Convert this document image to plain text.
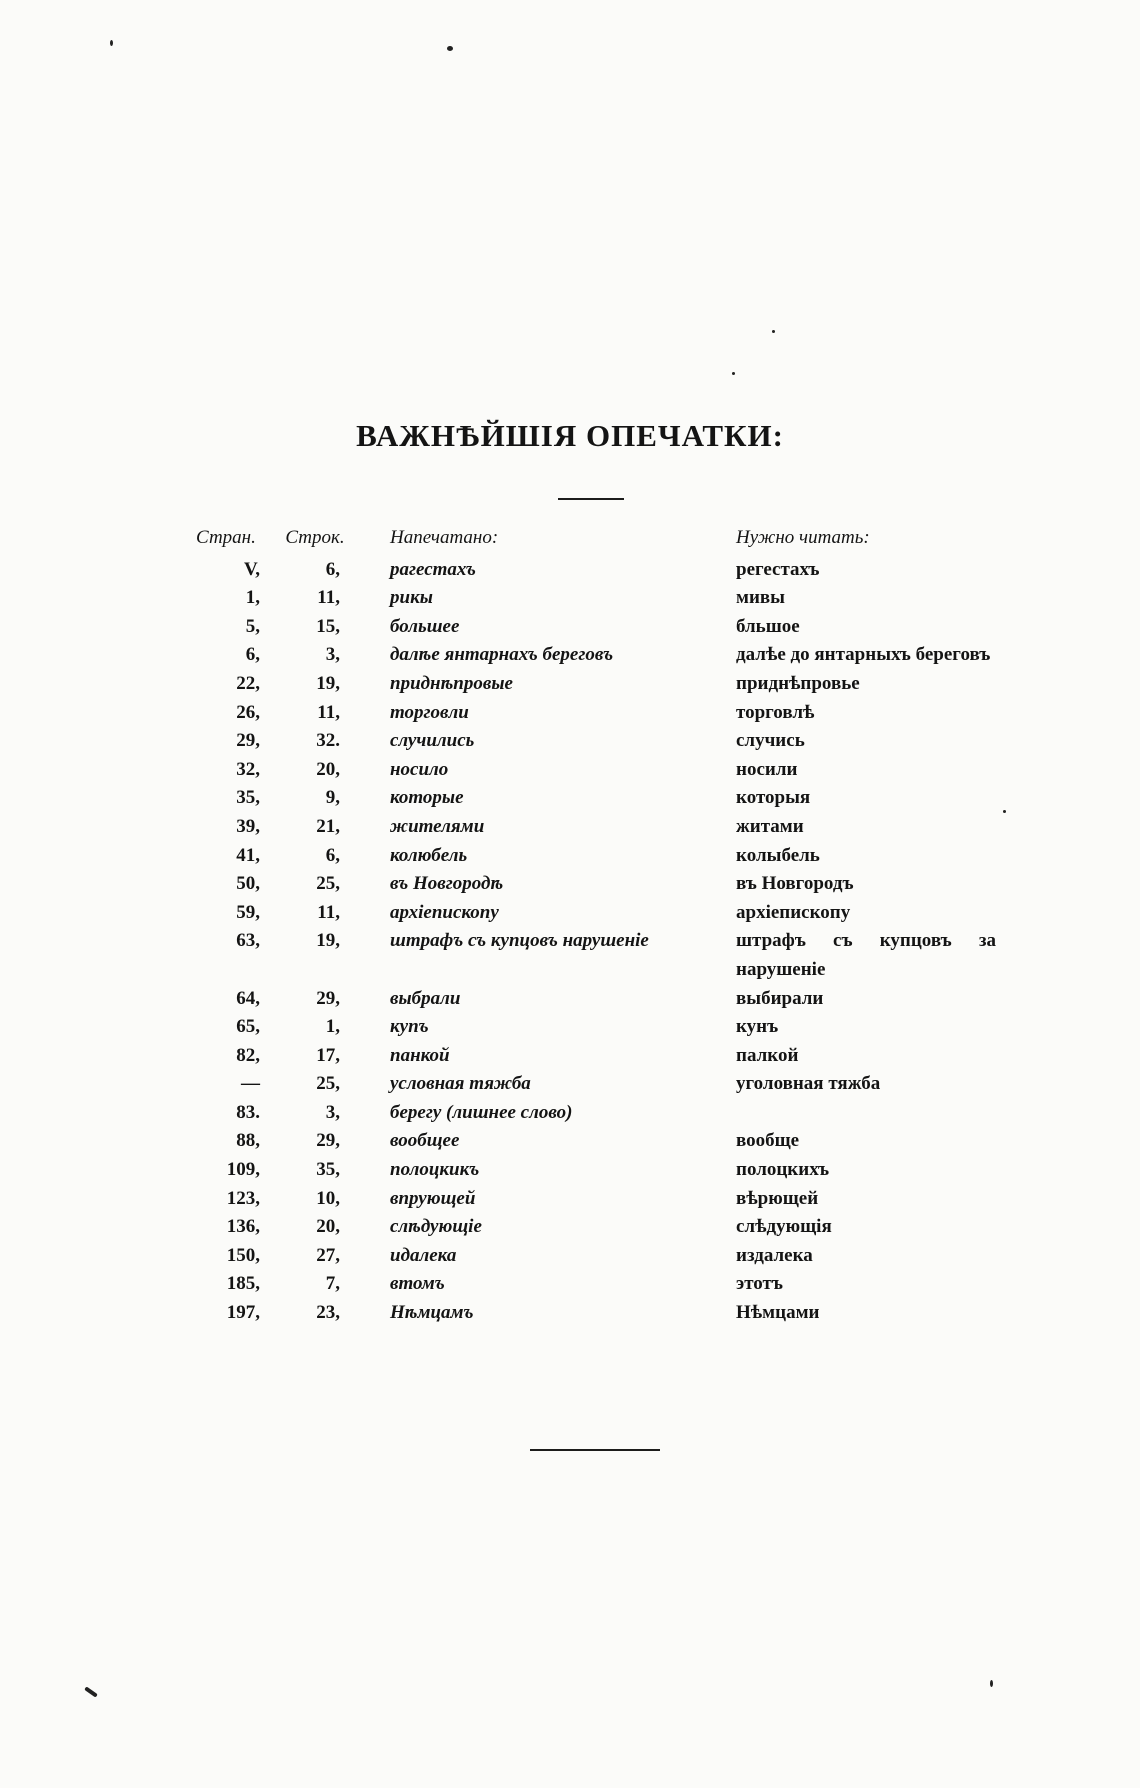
ВАЖНѢЙШІЯ ОПЕЧАТКИ:
Стран.	Строк.	Напечатано:	Нужно читать:
V,	6,	рагестахъ	регестахъ

1,	11,	рикы	мивы

5,	15,	большее	бльшое

6,	3,	далѣе янтарнахъ береговъ	далѣе до янтарныхъ береговъ

22,	19,	приднѣпровые	приднѣпровье

26,	11,	торговли	торговлѣ

29,	32.	случились	случись

32,	20,	носило	носили

35,	9,	которые	которыя

39,	21,	жителями	житами

41,	6,	колюбель	колыбель

50,	25,	въ Новгородѣ	въ Новгородъ

59,	11,	архіепископу	архіепископу

63,	19,	штрафъ съ купцовъ нарушеніе	штрафъ съ купцовъ за нарушеніе

64,	29,	выбрали	выбирали

65,	1,	купъ	кунъ

82,	17,	панкой	палкой

—	25,	условная тяжба	уголовная тяжба

83.	3,	берегу (лишнее слово)	

88,	29,	вообщее	вообще

109,	35,	полоцкикъ	полоцкихъ

123,	10,	впрующей	вѣрющей

136,	20,	слѣдующіе	слѣдующія

150,	27,	идалека	издалека

185,	7,	втомъ	этотъ

197,	23,	Нѣмцамъ	Нѣмцами
